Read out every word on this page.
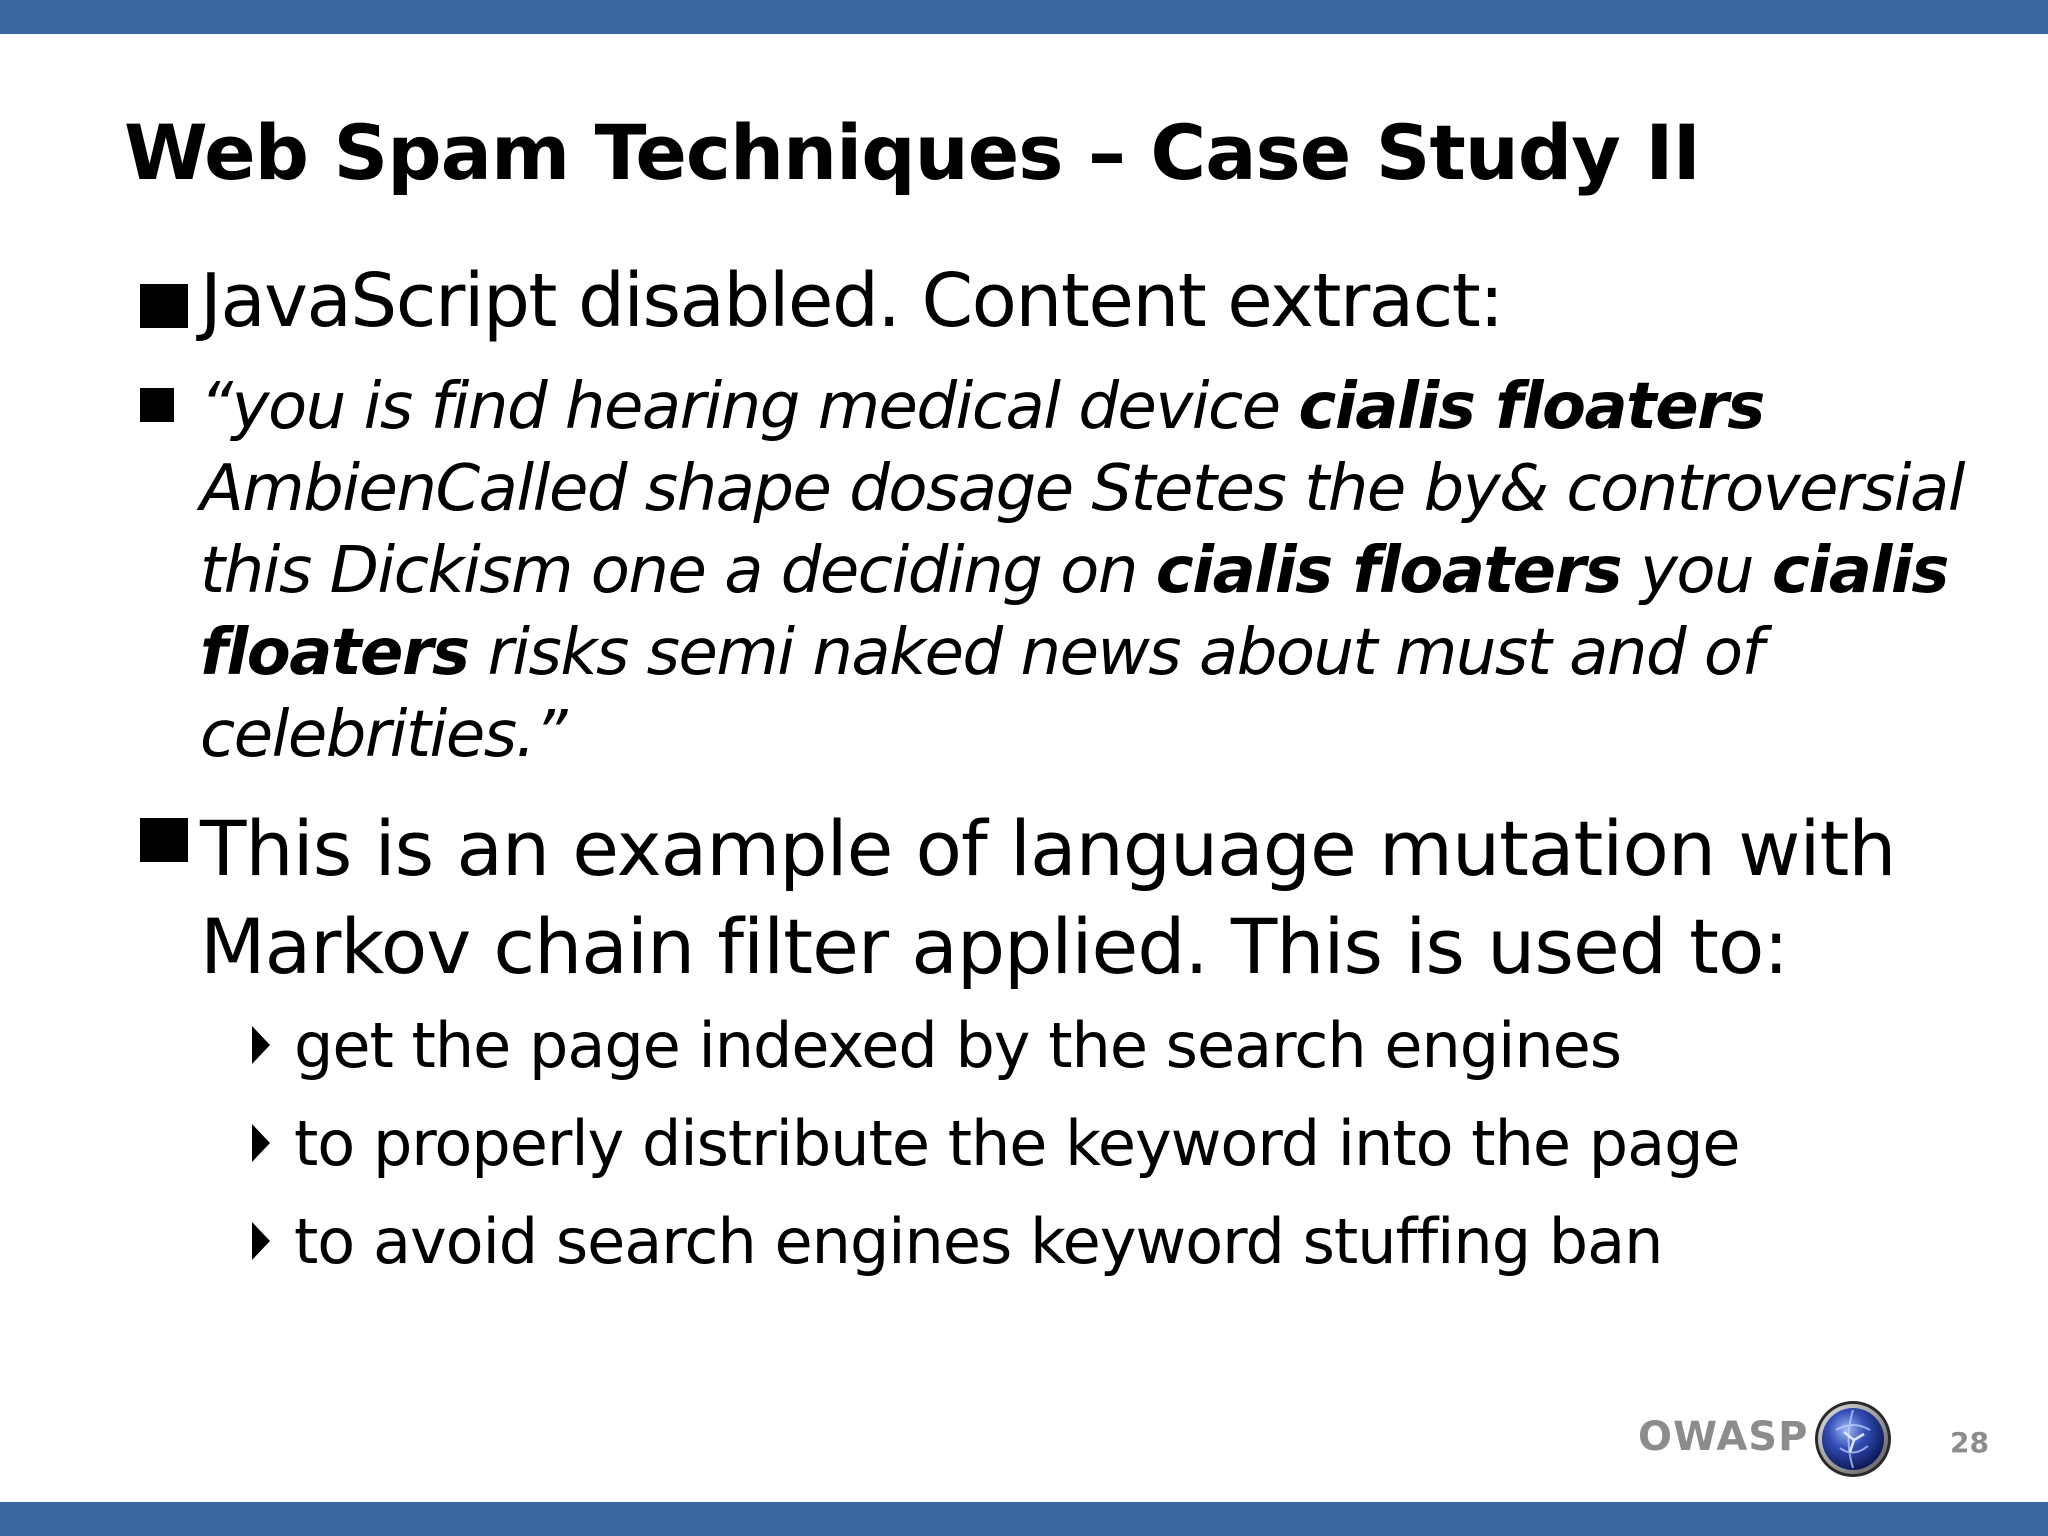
Web Spam Techniques – Case Study II
JavaScript disabled. Content extract:
“you is find hearing medical device cialis floaters
AmbienCalled shape dosage Stetes the by& controversial
this Dickism one a deciding on cialis floaters you cialis
floaters risks semi naked news about must and of
celebrities.”
This is an example of language mutation with
Markov chain filter applied. This is used to:
get the page indexed by the search engines
to properly distribute the keyword into the page
to avoid search engines keyword stuffing ban
OWASP	28
